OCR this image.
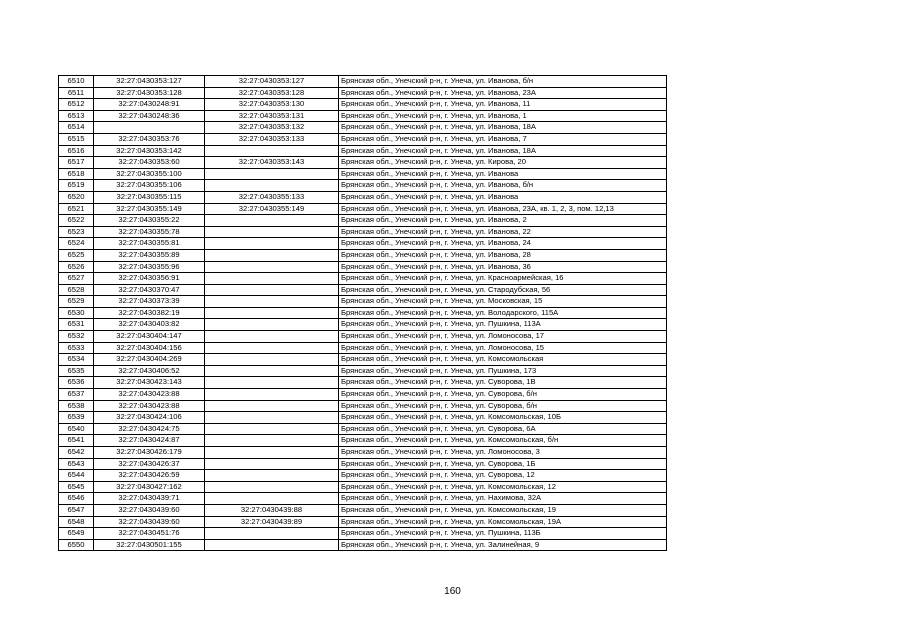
6510	32:27:0430353:127	32:27:0430353:127	Брянская обл., Унечский р-н, г. Унеча, ул. Иванова, б/н
6511	32:27:0430353:128	32:27:0430353:128	Брянская обл., Унечский р-н, г. Унеча, ул. Иванова, 23А
6512	32:27:0430248:91	32:27:0430353:130	Брянская обл., Унечский р-н, г. Унеча, ул. Иванова, 11
6513	32:27:0430248:36	32:27:0430353:131	Брянская обл., Унечский р-н, г. Унеча, ул. Иванова, 1
6514		32:27:0430353:132	Брянская обл., Унечский р-н, г. Унеча, ул. Иванова, 18А
6515	32:27:0430353:76	32:27:0430353:133	Брянская обл., Унечский р-н, г. Унеча, ул. Иванова, 7
6516	32:27:0430353:142		Брянская обл., Унечский р-н, г. Унеча, ул. Иванова, 18А
6517	32:27:0430353:60	32:27:0430353:143	Брянская обл., Унечский р-н, г. Унеча, ул. Кирова, 20
6518	32:27:0430355:100		Брянская обл., Унечский р-н, г. Унеча, ул. Иванова
6519	32:27:0430355:106		Брянская обл., Унечский р-н, г. Унеча, ул. Иванова, б/н
6520	32:27:0430355:115	32:27:0430355:133	Брянская обл., Унечский р-н, г. Унеча, ул. Иванова
6521	32:27:0430355:149	32:27:0430355:149	Брянская обл., Унечский р-н, г. Унеча, ул. Иванова, 23А, кв. 1, 2, 3, пом. 12,13
6522	32:27:0430355:22		Брянская обл., Унечский р-н, г. Унеча, ул. Иванова, 2
6523	32:27:0430355:78		Брянская обл., Унечский р-н, г. Унеча, ул. Иванова, 22
6524	32:27:0430355:81		Брянская обл., Унечский р-н, г. Унеча, ул. Иванова, 24
6525	32:27:0430355:89		Брянская обл., Унечский р-н, г. Унеча, ул. Иванова, 28
6526	32:27:0430355:96		Брянская обл., Унечский р-н, г. Унеча, ул. Иванова, 36
6527	32:27:0430356:91		Брянская обл., Унечский р-н, г. Унеча, ул. Красноармейская, 16
6528	32:27:0430370:47		Брянская обл., Унечский р-н, г. Унеча, ул. Стародубская, 56
6529	32:27:0430373:39		Брянская обл., Унечский р-н, г. Унеча, ул. Московская, 15
6530	32:27:0430382:19		Брянская обл., Унечский р-н, г. Унеча, ул. Володарского, 115А
6531	32:27:0430403:82		Брянская обл., Унечский р-н, г. Унеча, ул. Пушкина, 113А
6532	32:27:0430404:147		Брянская обл., Унечский р-н, г. Унеча, ул. Ломоносова, 17
6533	32:27:0430404:156		Брянская обл., Унечский р-н, г. Унеча, ул. Ломоносова, 15
6534	32:27:0430404:269		Брянская обл., Унечский р-н, г. Унеча, ул. Комсомольская
6535	32:27:0430406:52		Брянская обл., Унечский р-н, г. Унеча, ул. Пушкина, 173
6536	32:27:0430423:143		Брянская обл., Унечский р-н, г. Унеча, ул. Суворова, 1В
6537	32:27:0430423:88		Брянская обл., Унечский р-н, г. Унеча, ул. Суворова, б/н
6538	32:27:0430423:88		Брянская обл., Унечский р-н, г. Унеча, ул. Суворова, б/н
6539	32:27:0430424:106		Брянская обл., Унечский р-н, г. Унеча, ул. Комсомольская, 10Б
6540	32:27:0430424:75		Брянская обл., Унечский р-н, г. Унеча, ул. Суворова, 6А
6541	32:27:0430424:87		Брянская обл., Унечский р-н, г. Унеча, ул. Комсомольская, б/н
6542	32:27:0430426:179		Брянская обл., Унечский р-н, г. Унеча, ул. Ломоносова, 3
6543	32:27:0430426:37		Брянская обл., Унечский р-н, г. Унеча, ул. Суворова, 1Б
6544	32:27:0430426:59		Брянская обл., Унечский р-н, г. Унеча, ул. Суворова, 12
6545	32:27:0430427:162		Брянская обл., Унечский р-н, г. Унеча, ул. Комсомольская, 12
6546	32:27:0430439:71		Брянская обл., Унечский р-н, г. Унеча, ул. Нахимова, 32А
6547	32:27:0430439:60	32:27:0430439:88	Брянская обл., Унечский р-н, г. Унеча, ул. Комсомольская, 19
6548	32:27:0430439:60	32:27:0430439:89	Брянская обл., Унечский р-н, г. Унеча, ул. Комсомольская, 19А
6549	32:27:0430451:76		Брянская обл., Унечский р-н, г. Унеча, ул. Пушкина, 113Б
6550	32:27:0430501:155		Брянская обл., Унечский р-н, г. Унеча, ул. Залинейная, 9
160
